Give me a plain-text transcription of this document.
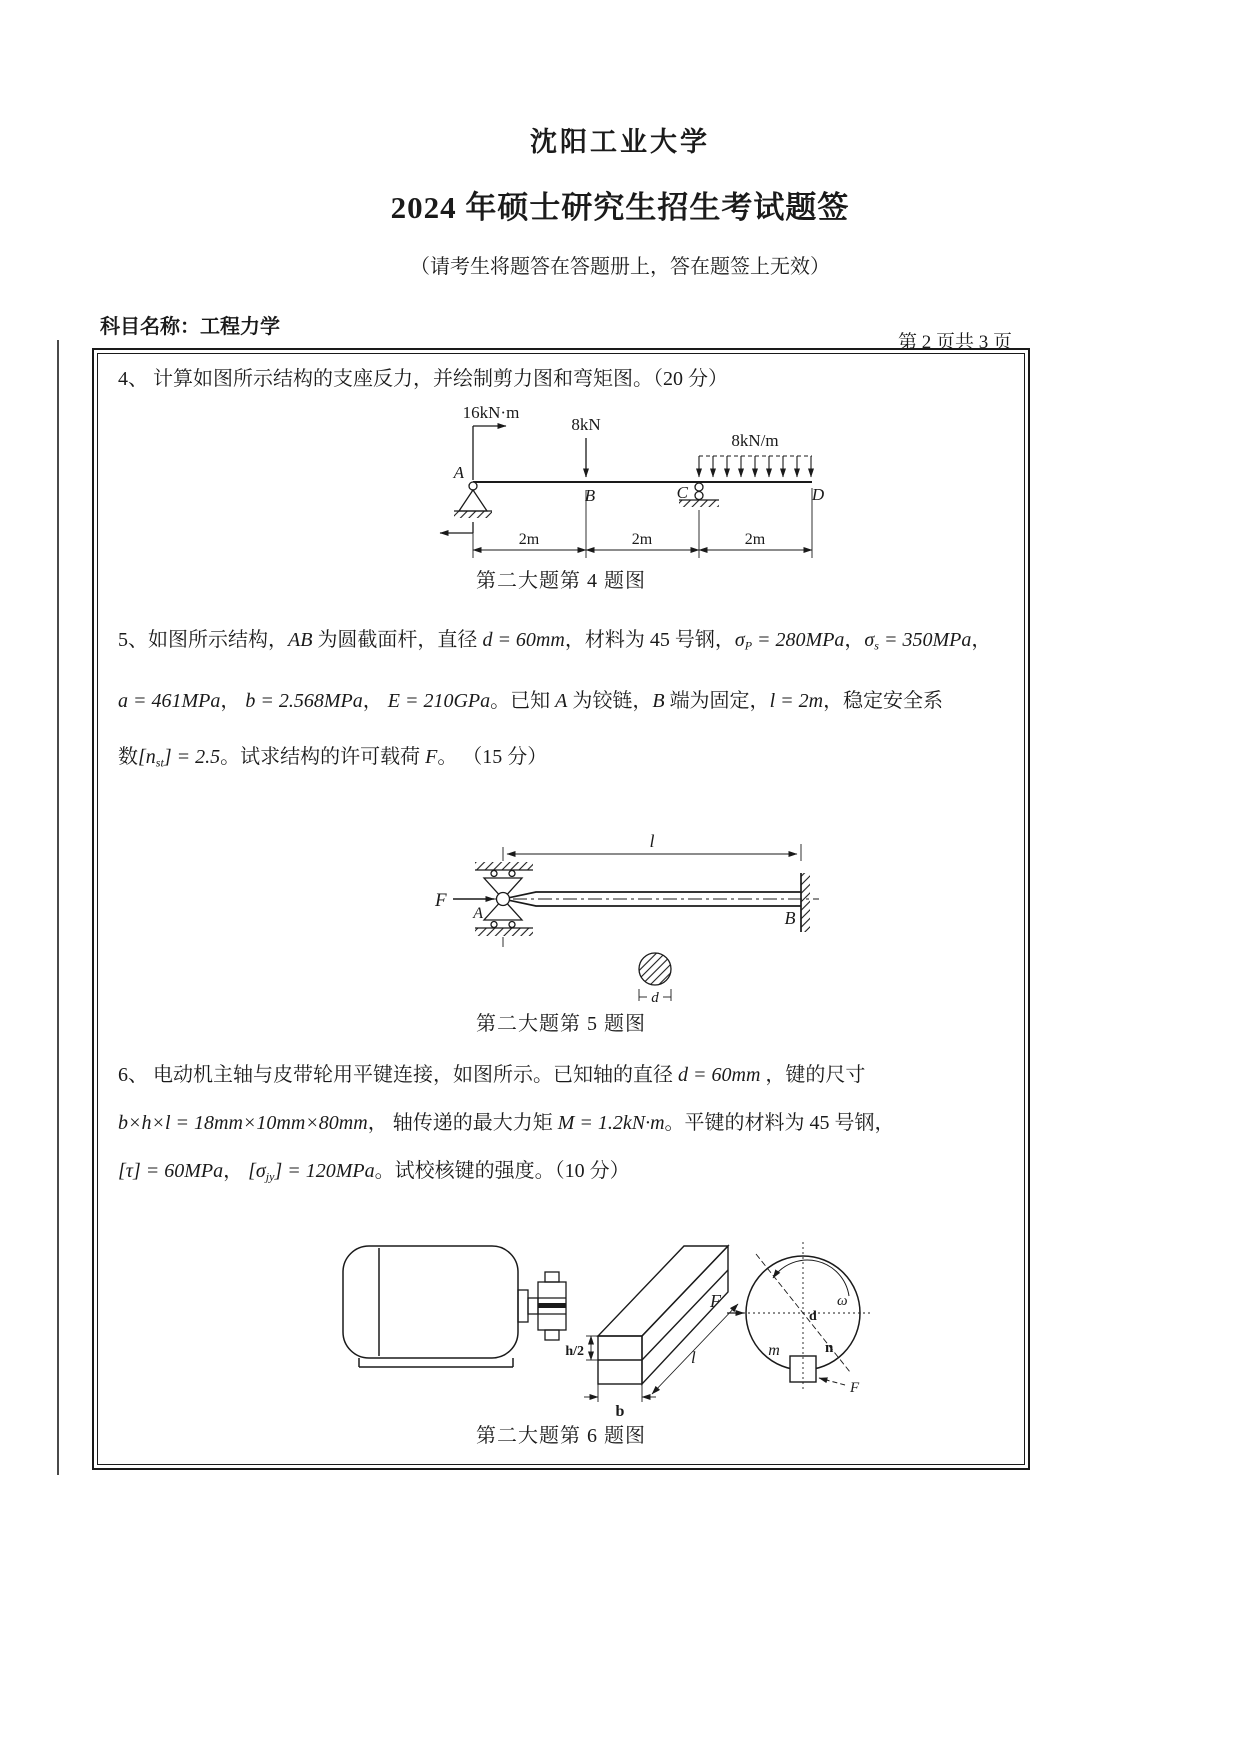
沈阳工业大学
2024 年硕士研究生招生考试题签
（请考生将题答在答题册上，答在题签上无效）
科目名称：工程力学
第 2 页共 3 页

4、 计算如图所示结构的支座反力，并绘制剪力图和弯矩图。（20 分）

16kN·m
8kN
8kN/m
A
B	C	D
2m	2m	2m
第二大题第 4 题图

5、如图所示结构，AB 为圆截面杆，直径 d = 60mm，材料为 45 号钢，σP = 280MPa，σs = 350MPa，

a = 461MPa， b = 2.568MPa， E = 210GPa。已知 A 为铰链，B 端为固定，l = 2m，稳定安全系

数[nst] = 2.5。试求结构的许可载荷 F。 （15 分）

F
A	B
l
d
第二大题第 5 题图

6、 电动机主轴与皮带轮用平键连接，如图所示。已知轴的直径 d = 60mm ，键的尺寸

b×h×l = 18mm×10mm×80mm， 轴传递的最大力矩 M = 1.2kN·m。平键的材料为 45 号钢，

[τ] = 60MPa， [σjy] = 120MPa。试校核键的强度。（10 分）

h/2
b
l
F	ω
d
m	n
F
第二大题第 6 题图
